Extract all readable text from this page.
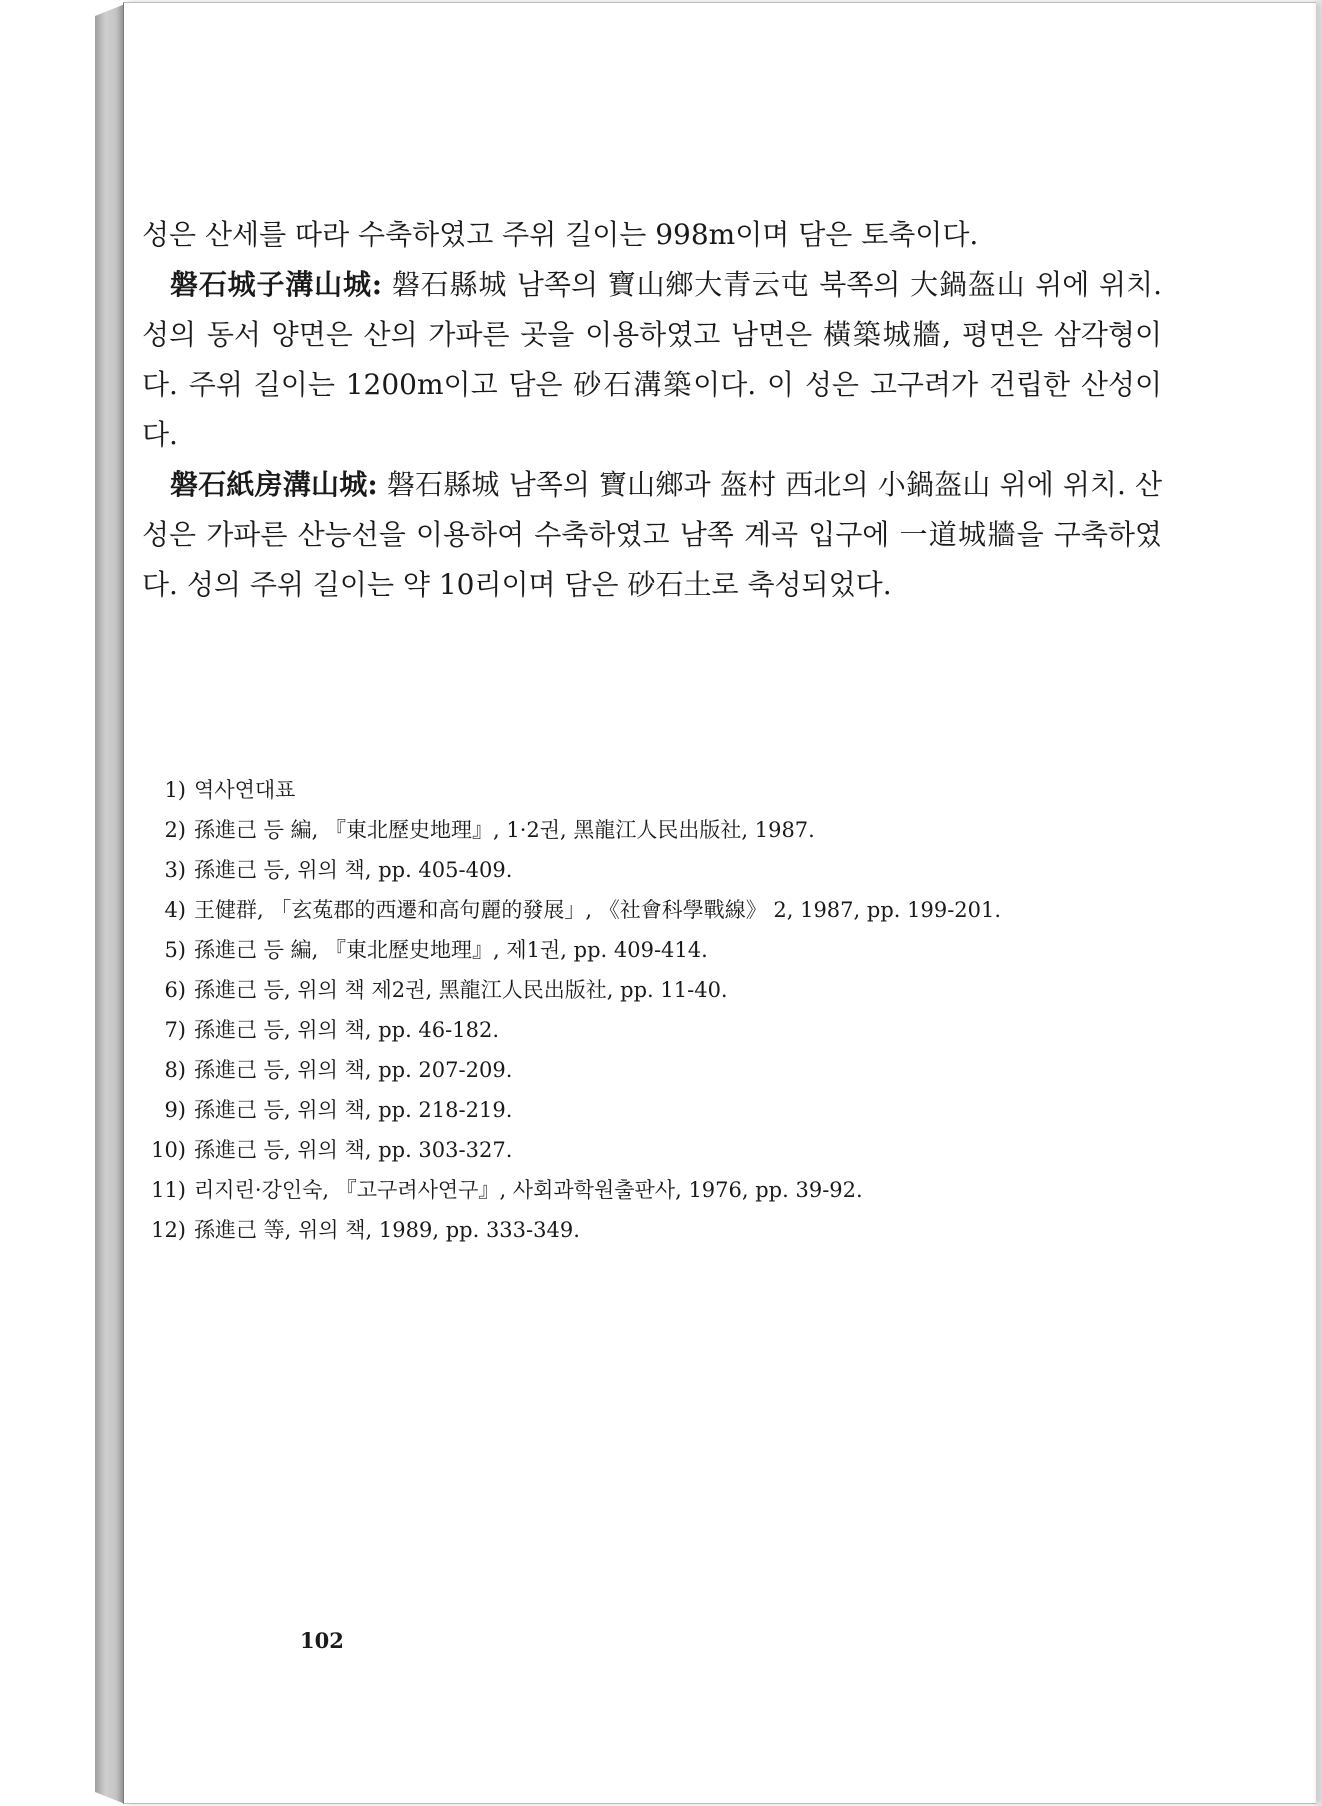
성은 산세를 따라 수축하였고 주위 길이는 998m이며 담은 토축이다.

磐石城子溝山城: 磐石縣城 남쪽의 寶山鄉大青云屯 북쪽의 大鍋盔山 위에 위치. 성의 동서 양면은 산의 가파른 곳을 이용하였고 남면은 橫築城牆, 평면은 삼각형이다. 주위 길이는 1200m이고 담은 砂石溝築이다. 이 성은 고구려가 건립한 산성이다.

磐石紙房溝山城: 磐石縣城 남쪽의 寶山鄉과 盔村 西北의 小鍋盔山 위에 위치. 산성은 가파른 산능선을 이용하여 수축하였고 남쪽 계곡 입구에 一道城牆을 구축하였다. 성의 주위 길이는 약 10리이며 담은 砂石土로 축성되었다.

1) 역사연대표
2) 孫進己 등 編, 『東北歷史地理』, 1·2권, 黑龍江人民出版社, 1987.
3) 孫進己 등, 위의 책, pp. 405-409.
4) 王健群, 「玄菟郡的西遷和高句麗的發展」, 《社會科學戰線》 2, 1987, pp. 199-201.
5) 孫進己 등 編, 『東北歷史地理』, 제1권, pp. 409-414.
6) 孫進己 등, 위의 책 제2권, 黑龍江人民出版社, pp. 11-40.
7) 孫進己 등, 위의 책, pp. 46-182.
8) 孫進己 등, 위의 책, pp. 207-209.
9) 孫進己 등, 위의 책, pp. 218-219.
10) 孫進己 등, 위의 책, pp. 303-327.
11) 리지린·강인숙, 『고구려사연구』, 사회과학원출판사, 1976, pp. 39-92.
12) 孫進己 等, 위의 책, 1989, pp. 333-349.
102
